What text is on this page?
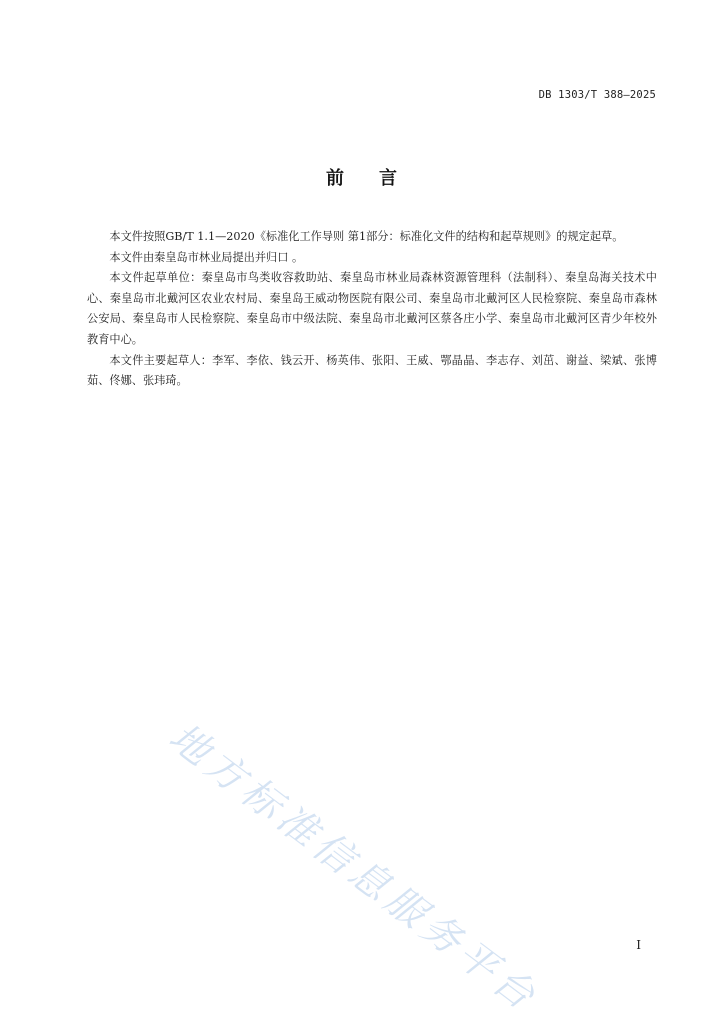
DB 1303/T 388—2025
前 言

本文件按照GB/T 1.1—2020《标准化工作导则 第1部分：标准化文件的结构和起草规则》的规定起草。

本文件由秦皇岛市林业局提出并归口 。

本文件起草单位：秦皇岛市鸟类收容救助站、秦皇岛市林业局森林资源管理科（法制科）、秦皇岛海关技术中心、秦皇岛市北戴河区农业农村局、秦皇岛王威动物医院有限公司、秦皇岛市北戴河区人民检察院、秦皇岛市森林公安局、秦皇岛市人民检察院、秦皇岛市中级法院、秦皇岛市北戴河区蔡各庄小学、秦皇岛市北戴河区青少年校外教育中心。

本文件主要起草人：李军、李依、钱云开、杨英伟、张阳、王威、鄂晶晶、李志存、刘茁、谢益、梁斌、张博茹、佟娜、张玮琦。

地方标准信息服务平台	I
